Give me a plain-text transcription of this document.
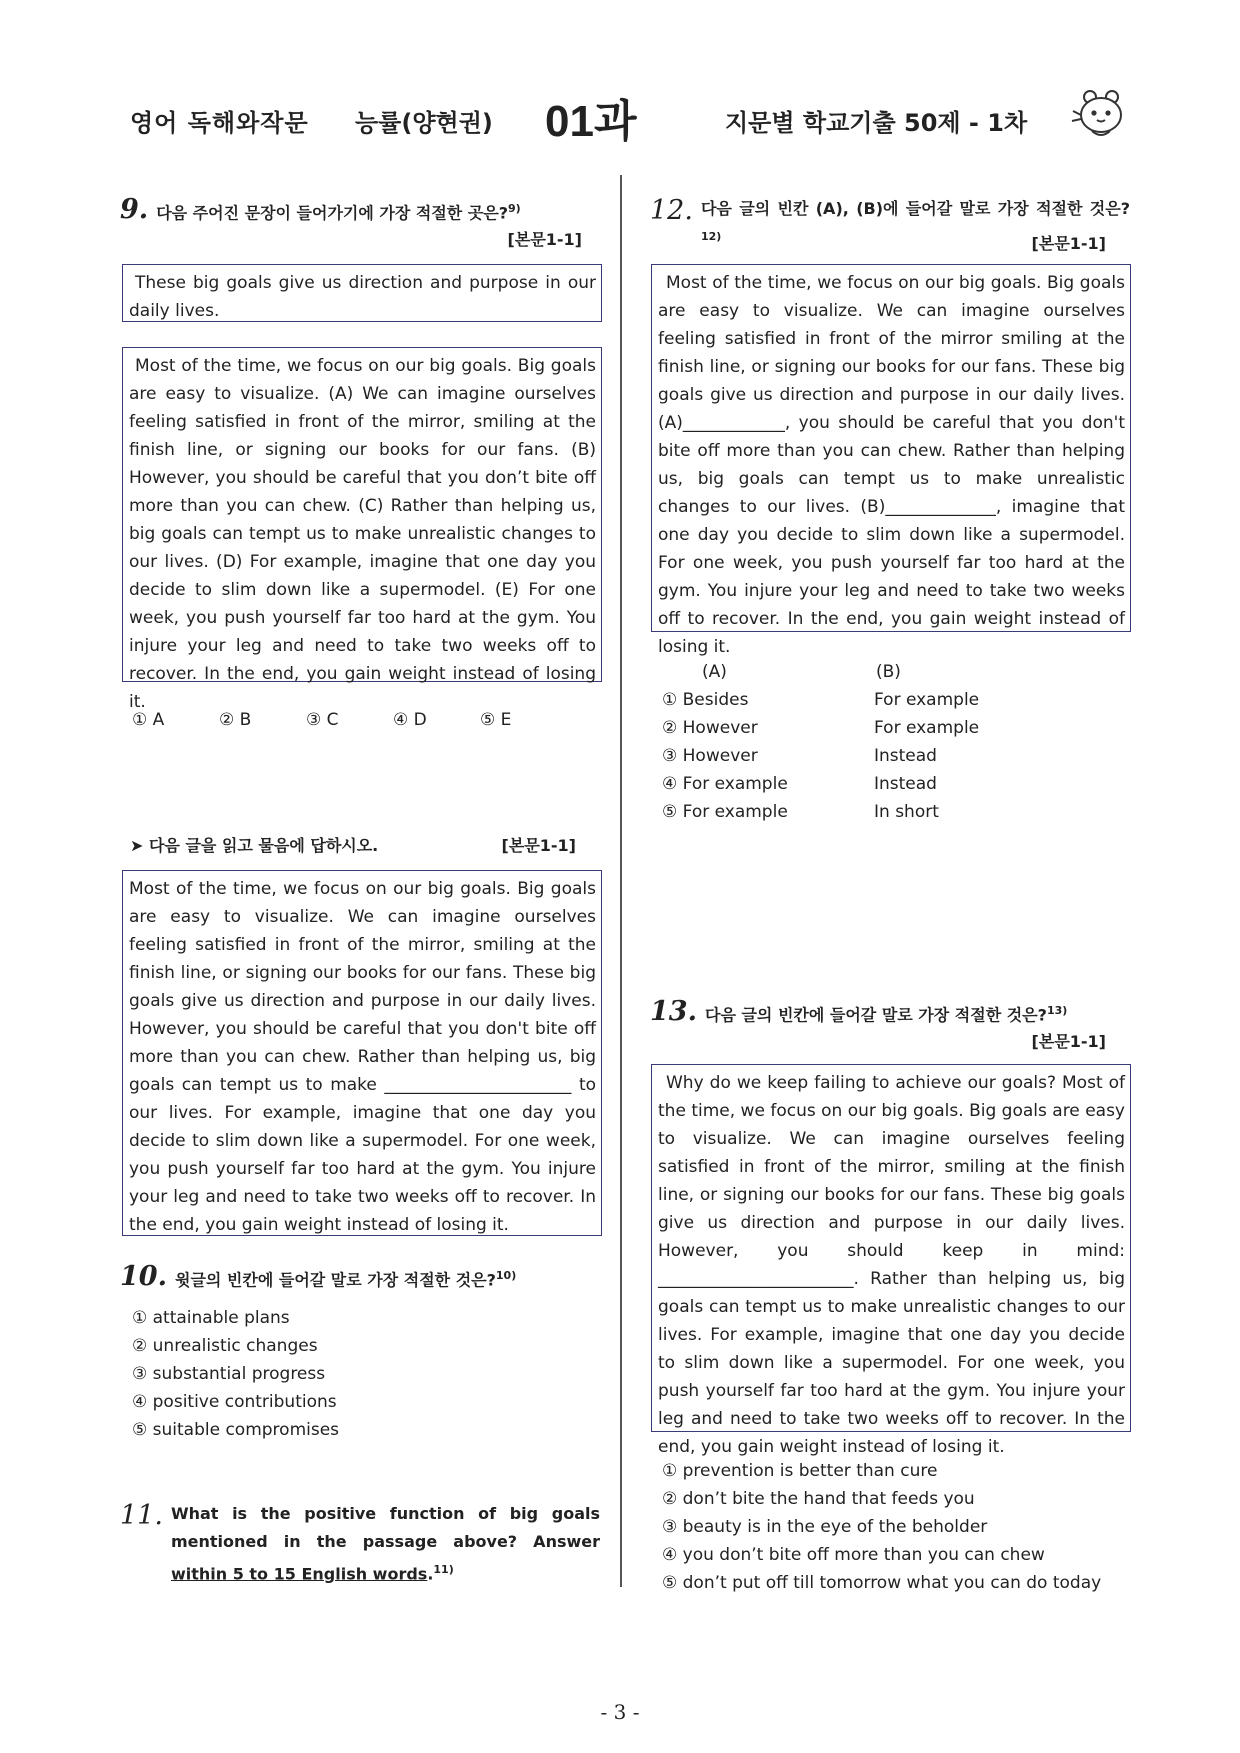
영어 독해와작문 능률(양현권) 01과	지문별 학교기출 50제 - 1차
9. 다음 주어진 문장이 들어가기에 가장 적절한 곳은?$^{9)}$
[본문1-1]

These big goals give us direction and purpose in our daily lives.

Most of the time, we focus on our big goals. Big goals are easy to visualize. (A) We can imagine ourselves feeling satisfied in front of the mirror, smiling at the finish line, or signing our books for our fans. (B) However, you should be careful that you don’t bite off more than you can chew. (C) Rather than helping us, big goals can tempt us to make unrealistic changes to our lives. (D) For example, imagine that one day you decide to slim down like a supermodel. (E) For one week, you push yourself far too hard at the gym. You injure your leg and need to take two weeks off to recover. In the end, you gain weight instead of losing it.

① A	② B	③ C	④ D	⑤ E
➤ 다음 글을 읽고 물음에 답하시오.	[본문1-1]

Most of the time, we focus on our big goals. Big goals are easy to visualize. We can imagine ourselves feeling satisfied in front of the mirror, smiling at the finish line, or signing our books for our fans. These big goals give us direction and purpose in our daily lives. However, you should be careful that you don't bite off more than you can chew. Rather than helping us, big goals can tempt us to make ______________________ to our lives. For example, imagine that one day you decide to slim down like a supermodel. For one week, you push yourself far too hard at the gym. You injure your leg and need to take two weeks off to recover. In the end, you gain weight instead of losing it.

10. 윗글의 빈칸에 들어갈 말로 가장 적절한 것은?$^{10)}$
① attainable plans
② unrealistic changes
③ substantial progress
④ positive contributions
⑤ suitable compromises
11. What is the positive function of big goals mentioned in the passage above? Answer within 5 to 15 English words.$^{11)}$
12. 다음 글의 빈칸 (A), (B)에 들어갈 말로 가장 적절한 것은?$^{12)}$	[본문1-1]

Most of the time, we focus on our big goals. Big goals are easy to visualize. We can imagine ourselves feeling satisfied in front of the mirror smiling at the finish line, or signing our books for our fans. These big goals give us direction and purpose in our daily lives. (A)____________, you should be careful that you don't bite off more than you can chew. Rather than helping us, big goals can tempt us to make unrealistic changes to our lives. (B)_____________, imagine that one day you decide to slim down like a supermodel. For one week, you push yourself far too hard at the gym. You injure your leg and need to take two weeks off to recover. In the end, you gain weight instead of losing it.

(A)	(B)
① Besides	For example
② However	For example
③ However	Instead
④ For example	Instead
⑤ For example	In short
13. 다음 글의 빈칸에 들어갈 말로 가장 적절한 것은?$^{13)}$
[본문1-1]

Why do we keep failing to achieve our goals? Most of the time, we focus on our big goals. Big goals are easy to visualize. We can imagine ourselves feeling satisfied in front of the mirror, smiling at the finish line, or signing our books for our fans. These big goals give us direction and purpose in our daily lives. However, you should keep in mind: _______________________. Rather than helping us, big goals can tempt us to make unrealistic changes to our lives. For example, imagine that one day you decide to slim down like a supermodel. For one week, you push yourself far too hard at the gym. You injure your leg and need to take two weeks off to recover. In the end, you gain weight instead of losing it.

① prevention is better than cure
② don’t bite the hand that feeds you
③ beauty is in the eye of the beholder
④ you don’t bite off more than you can chew
⑤ don’t put off till tomorrow what you can do today
- 3 -
